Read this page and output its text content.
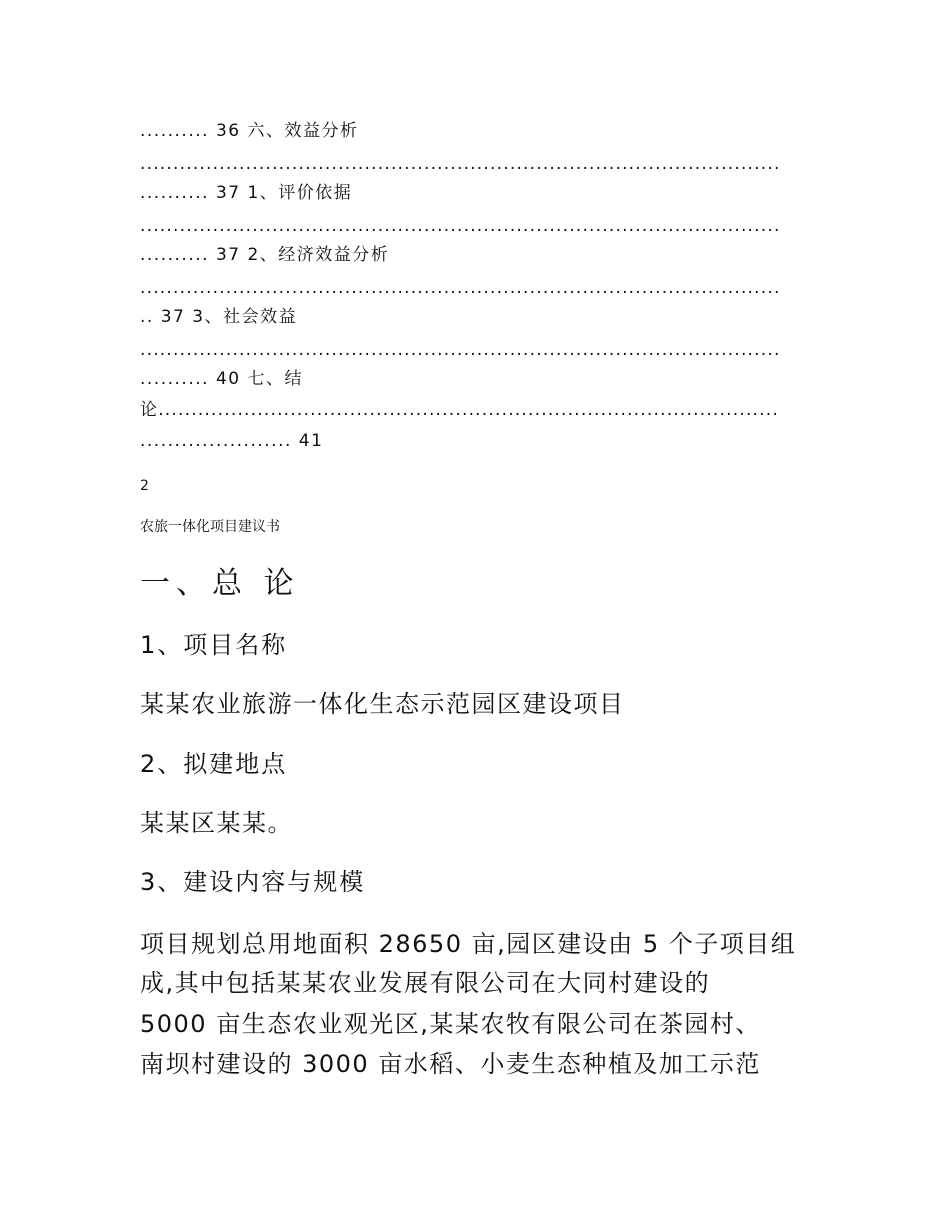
.......... 36 六、效益分析
.................................................................................................
.......... 37 1、评价依据
.................................................................................................
.......... 37 2、经济效益分析
.................................................................................................
.. 37 3、社会效益
.................................................................................................
.......... 40 七、结
论..............................................................................................
...................... 41
2
农旅一体化项目建议书
一、总 论
1、项目名称
某某农业旅游一体化生态示范园区建设项目
2、拟建地点
某某区某某。
3、建设内容与规模
项目规划总用地面积 28650 亩,园区建设由 5 个子项目组
成,其中包括某某农业发展有限公司在大同村建设的
5000 亩生态农业观光区,某某农牧有限公司在茶园村、
南坝村建设的 3000 亩水稻、小麦生态种植及加工示范
